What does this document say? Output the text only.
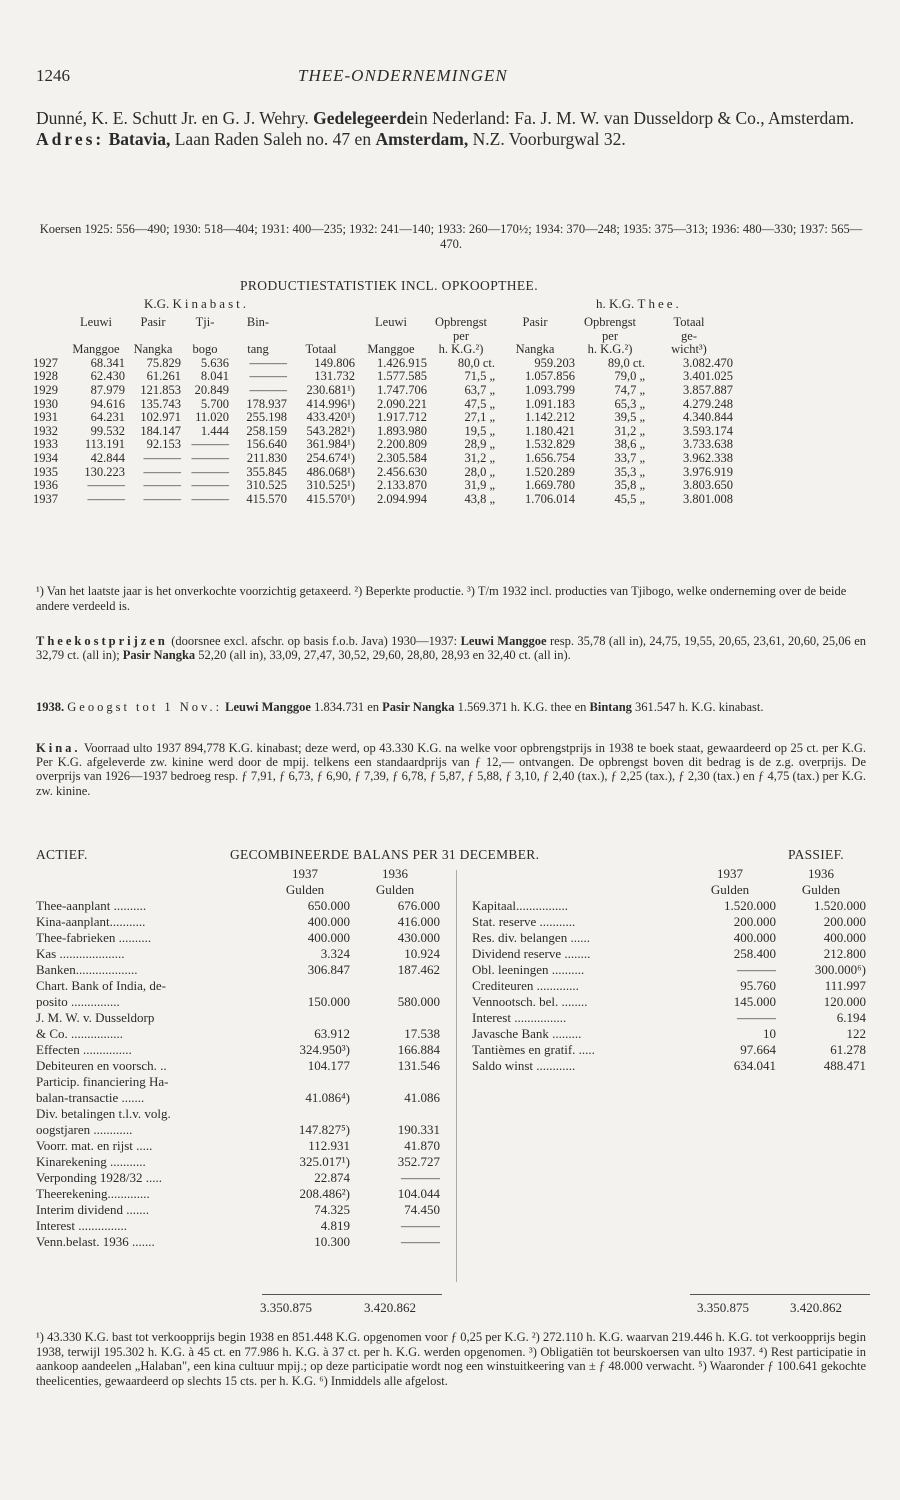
1246	THEE-ONDERNEMINGEN
Dunné, K. E. Schutt Jr. en G. J. Wehry. Gedelegeerdein Nederland: Fa. J. M. W. van Dusseldorp & Co., Amsterdam.
Adres: Batavia, Laan Raden Saleh no. 47 en Amsterdam, N.Z. Voorburgwal 32.
Koersen 1925: 556—490; 1930: 518—404; 1931: 400—235; 1932: 241—140; 1933: 260—170½; 1934: 370—248; 1935: 375—313; 1936: 480—330; 1937: 565—470.
PRODUCTIESTATISTIEK INCL. OPKOOPTHEE.
K.G. Kinabast.	h. K.G. Thee.
	Leuwi	Pasir	Tji-	Bin-		Leuwi	Opbrengst	Pasir	Opbrengst	Totaal
							per		per	ge-
	Manggoe	Nangka	bogo	tang	Totaal	Manggoe	h. K.G.²)	Nangka	h. K.G.²)	wicht³)
1927	68.341	75.829	5.636	———	149.806	1.426.915	80,0 ct.	959.203	89,0 ct.	3.082.470
1928	62.430	61.261	8.041	———	131.732	1.577.585	71,5 „	1.057.856	79,0 „	3.401.025
1929	87.979	121.853	20.849	———	230.681¹)	1.747.706	63,7 „	1.093.799	74,7 „	3.857.887
1930	94.616	135.743	5.700	178.937	414.996¹)	2.090.221	47,5 „	1.091.183	65,3 „	4.279.248
1931	64.231	102.971	11.020	255.198	433.420¹)	1.917.712	27,1 „	1.142.212	39,5 „	4.340.844
1932	99.532	184.147	1.444	258.159	543.282¹)	1.893.980	19,5 „	1.180.421	31,2 „	3.593.174
1933	113.191	92.153	———	156.640	361.984¹)	2.200.809	28,9 „	1.532.829	38,6 „	3.733.638
1934	42.844	———	———	211.830	254.674¹)	2.305.584	31,2 „	1.656.754	33,7 „	3.962.338
1935	130.223	———	———	355.845	486.068¹)	2.456.630	28,0 „	1.520.289	35,3 „	3.976.919
1936	———	———	———	310.525	310.525¹)	2.133.870	31,9 „	1.669.780	35,8 „	3.803.650
1937	———	———	———	415.570	415.570¹)	2.094.994	43,8 „	1.706.014	45,5 „	3.801.008
¹) Van het laatste jaar is het onverkochte voorzichtig getaxeerd. ²) Beperkte productie. ³) T/m 1932 incl. producties van Tjibogo, welke onderneming over de beide andere verdeeld is.
Theekostprijzen (doorsnee excl. afschr. op basis f.o.b. Java) 1930—1937: Leuwi Manggoe resp. 35,78 (all in), 24,75, 19,55, 20,65, 23,61, 20,60, 25,06 en 32,79 ct. (all in); Pasir Nangka 52,20 (all in), 33,09, 27,47, 30,52, 29,60, 28,80, 28,93 en 32,40 ct. (all in).
1938. Geoogst tot 1 Nov.: Leuwi Manggoe 1.834.731 en Pasir Nangka 1.569.371 h. K.G. thee en Bintang 361.547 h. K.G. kinabast.
Kina. Voorraad ulto 1937 894,778 K.G. kinabast; deze werd, op 43.330 K.G. na welke voor opbrengstprijs in 1938 te boek staat, gewaardeerd op 25 ct. per K.G. Per K.G. afgeleverde zw. kinine werd door de mpij. telkens een standaardprijs van ƒ 12,— ontvangen. De opbrengst boven dit bedrag is de z.g. overprijs. De overprijs van 1926—1937 bedroeg resp. ƒ 7,91, ƒ 6,73, ƒ 6,90, ƒ 7,39, ƒ 6,78, ƒ 5,87, ƒ 5,88, ƒ 3,10, ƒ 2,40 (tax.), ƒ 2,25 (tax.), ƒ 2,30 (tax.) en ƒ 4,75 (tax.) per K.G. zw. kinine.
ACTIEF.	GECOMBINEERDE BALANS PER 31 DECEMBER.	PASSIEF.
	1937	1936
	Gulden	Gulden
Thee-aanplant ..........	650.000	676.000
Kina-aanplant...........	400.000	416.000
Thee-fabrieken ..........	400.000	430.000
Kas ....................	3.324	10.924
Banken...................	306.847	187.462
Chart. Bank of India, de-		
posito ...............	150.000	580.000
J. M. W. v. Dusseldorp		
& Co. ................	63.912	17.538
Effecten ...............	324.950³)	166.884
Debiteuren en voorsch. ..	104.177	131.546
Particip. financiering Ha-		
balan-transactie .......	41.086⁴)	41.086
Div. betalingen t.l.v. volg.		
oogstjaren ............	147.827⁵)	190.331
Voorr. mat. en rijst .....	112.931	41.870
Kinarekening ...........	325.017¹)	352.727
Verponding 1928/32 .....	22.874	———
Theerekening.............	208.486²)	104.044
Interim dividend .......	74.325	74.450
Interest ...............	4.819	———
Venn.belast. 1936 .......	10.300	———
	1937	1936
	Gulden	Gulden
Kapitaal................	1.520.000	1.520.000
Stat. reserve ...........	200.000	200.000
Res. div. belangen ......	400.000	400.000
Dividend reserve ........	258.400	212.800
Obl. leeningen ..........	———	300.000⁶)
Crediteuren .............	95.760	111.997
Vennootsch. bel. ........	145.000	120.000
Interest ................	———	6.194
Javasche Bank .........	10	122
Tantièmes en gratif. .....	97.664	61.278
Saldo winst ............	634.041	488.471
3.350.875	3.420.862	3.350.875	3.420.862
¹) 43.330 K.G. bast tot verkoopprijs begin 1938 en 851.448 K.G. opgenomen voor ƒ 0,25 per K.G. ²) 272.110 h. K.G. waarvan 219.446 h. K.G. tot verkoopprijs begin 1938, terwijl 195.302 h. K.G. à 45 ct. en 77.986 h. K.G. à 37 ct. per h. K.G. werden opgenomen. ³) Obligatiën tot beurskoersen van ulto 1937. ⁴) Rest participatie in aankoop aandeelen „Halaban", een kina cultuur mpij.; op deze participatie wordt nog een winstuitkeering van ± ƒ 48.000 verwacht. ⁵) Waaronder ƒ 100.641 gekochte theelicenties, gewaardeerd op slechts 15 cts. per h. K.G. ⁶) Inmiddels alle afgelost.
